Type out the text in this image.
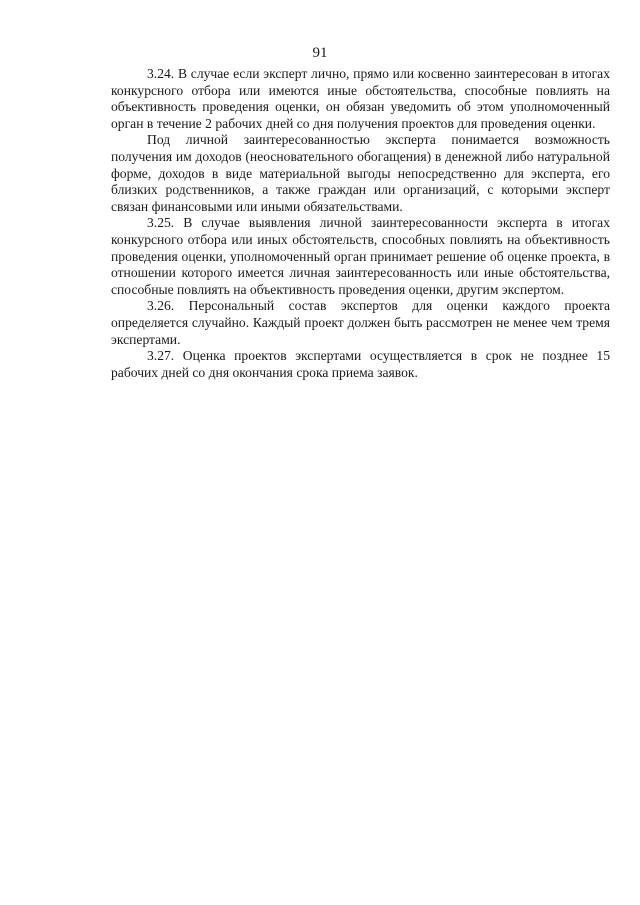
91

3.24. В случае если эксперт лично, прямо или косвенно заинтересован в итогах конкурсного отбора или имеются иные обстоятельства, способные повлиять на объективность проведения оценки, он обязан уведомить об этом уполномоченный орган в течение 2 рабочих дней со дня получения проектов для проведения оценки.

Под личной заинтересованностью эксперта понимается возможность получения им доходов (неосновательного обогащения) в денежной либо натуральной форме, доходов в виде материальной выгоды непосредственно для эксперта, его близких родственников, а также граждан или организаций, с которыми эксперт связан финансовыми или иными обязательствами.

3.25. В случае выявления личной заинтересованности эксперта в итогах конкурсного отбора или иных обстоятельств, способных повлиять на объективность проведения оценки, уполномоченный орган принимает решение об оценке проекта, в отношении которого имеется личная заинтересованность или иные обстоятельства, способные повлиять на объективность проведения оценки, другим экспертом.

3.26. Персональный состав экспертов для оценки каждого проекта определяется случайно. Каждый проект должен быть рассмотрен не менее чем тремя экспертами.

3.27. Оценка проектов экспертами осуществляется в срок не позднее 15 рабочих дней со дня окончания срока приема заявок.
